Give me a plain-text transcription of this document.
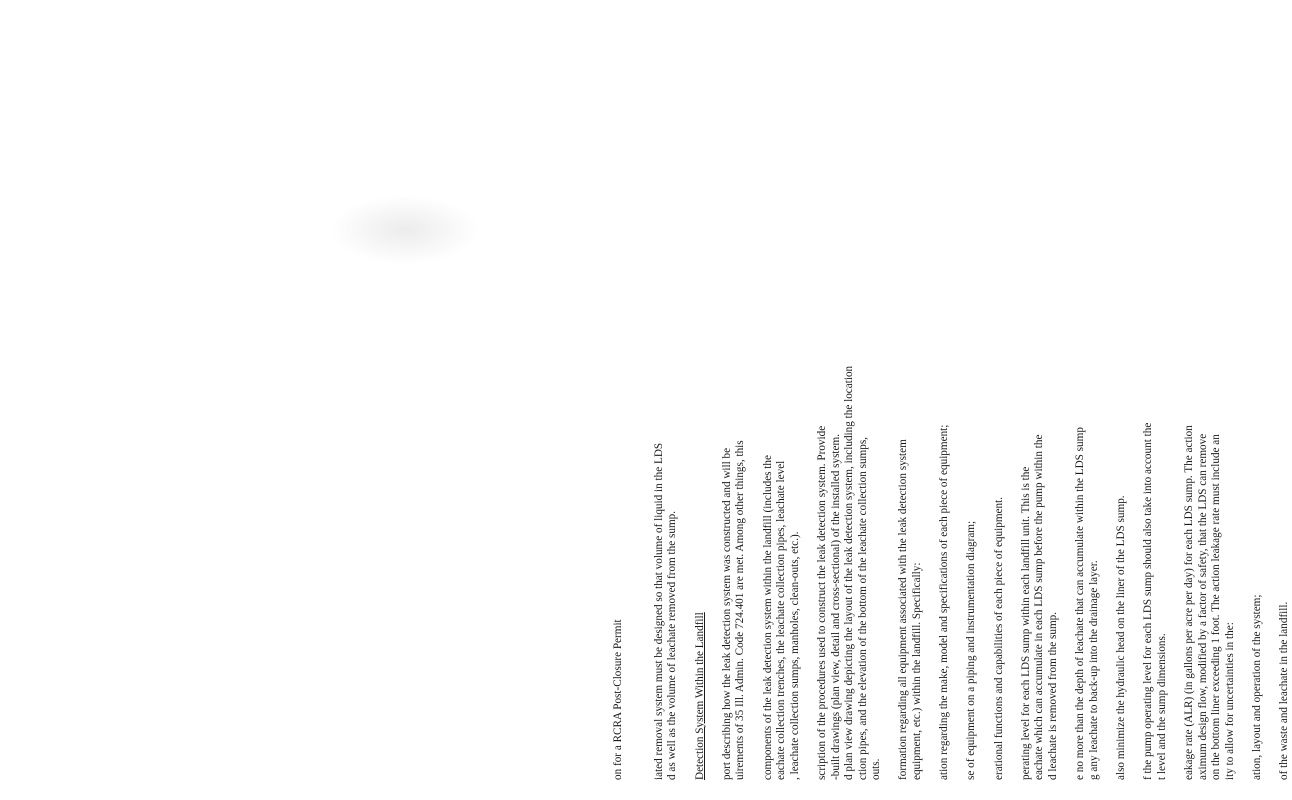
on for a RCRA Post-Closure Permit	iated removal system must be designed so that volume of liquid in the LDS d as well as the volume of leachate removed from the sump. Detection System Within the Landfill port describing how the leak detection system was constructed and will be uirements of 35 Ill. Admin. Code 724.401 are met. Among other things, this components of the leak detection system within the landfill (includes the eachate collection trenches, the leachate collection pipes, leachate level , leachate collection sumps, manholes, clean-outs, etc.). scription of the procedures used to construct the leak detection system. Provide -built drawings (plan view, detail and cross-sectional) of the installed system. d plan view drawing depicting the layout of the leak detection system, including the location ction pipes, and the elevation of the bottom of the leachate collection sumps, outs. formation regarding all equipment associated with the leak detection system equipment, etc.) within the landfill. Specifically: ation regarding the make, model and specifications of each piece of equipment; se of equipment on a piping and instrumentation diagram; erational functions and capabilities of each piece of equipment. perating level for each LDS sump within each landfill unit. This is the eachate which can accumulate in each LDS sump before the pump within the d leachate is removed from the sump. e no more than the depth of leachate that can accumulate within the LDS sump g any leachate to back-up into the drainage layer. also minimize the hydraulic head on the liner of the LDS sump. f the pump operating level for each LDS sump should also take into account the t level and the sump dimensions. eakage rate (ALR) (in gallons per acre per day) for each LDS sump. The action aximum design flow, modified by a factor of safety, that the LDS can remove on the bottom liner exceeding 1 foot. The action leakage rate must include an ity to allow for uncertainties in the: ation, layout and operation of the system; of the waste and leachate in the landfill.
